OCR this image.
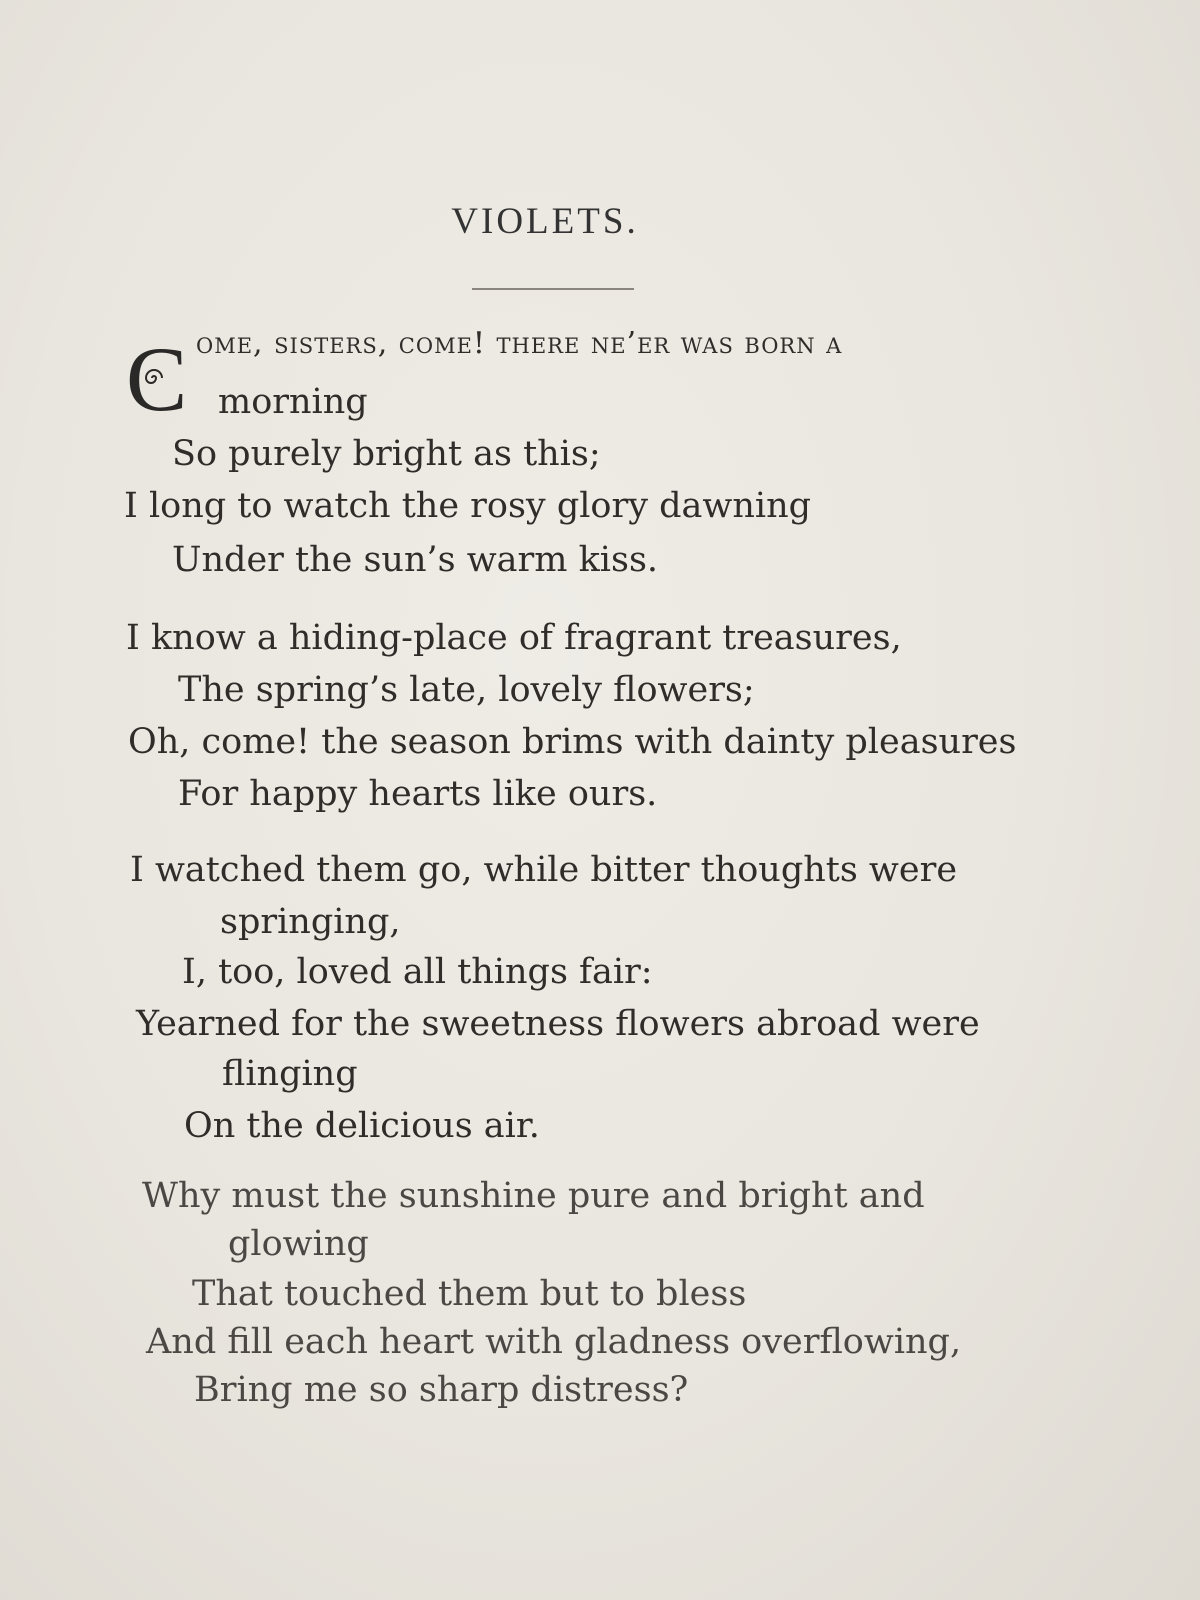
VIOLETS.
C ome, sisters, come! there ne’er was born a
morning
So purely bright as this;
I long to watch the rosy glory dawning
Under the sun’s warm kiss.
I know a hiding-place of fragrant treasures,
The spring’s late, lovely flowers;
Oh, come! the season brims with dainty pleasures
For happy hearts like ours.
I watched them go, while bitter thoughts were
springing,
I, too, loved all things fair:
Yearned for the sweetness flowers abroad were
flinging
On the delicious air.
Why must the sunshine pure and bright and
glowing
That touched them but to bless
And fill each heart with gladness overflowing,
Bring me so sharp distress?
